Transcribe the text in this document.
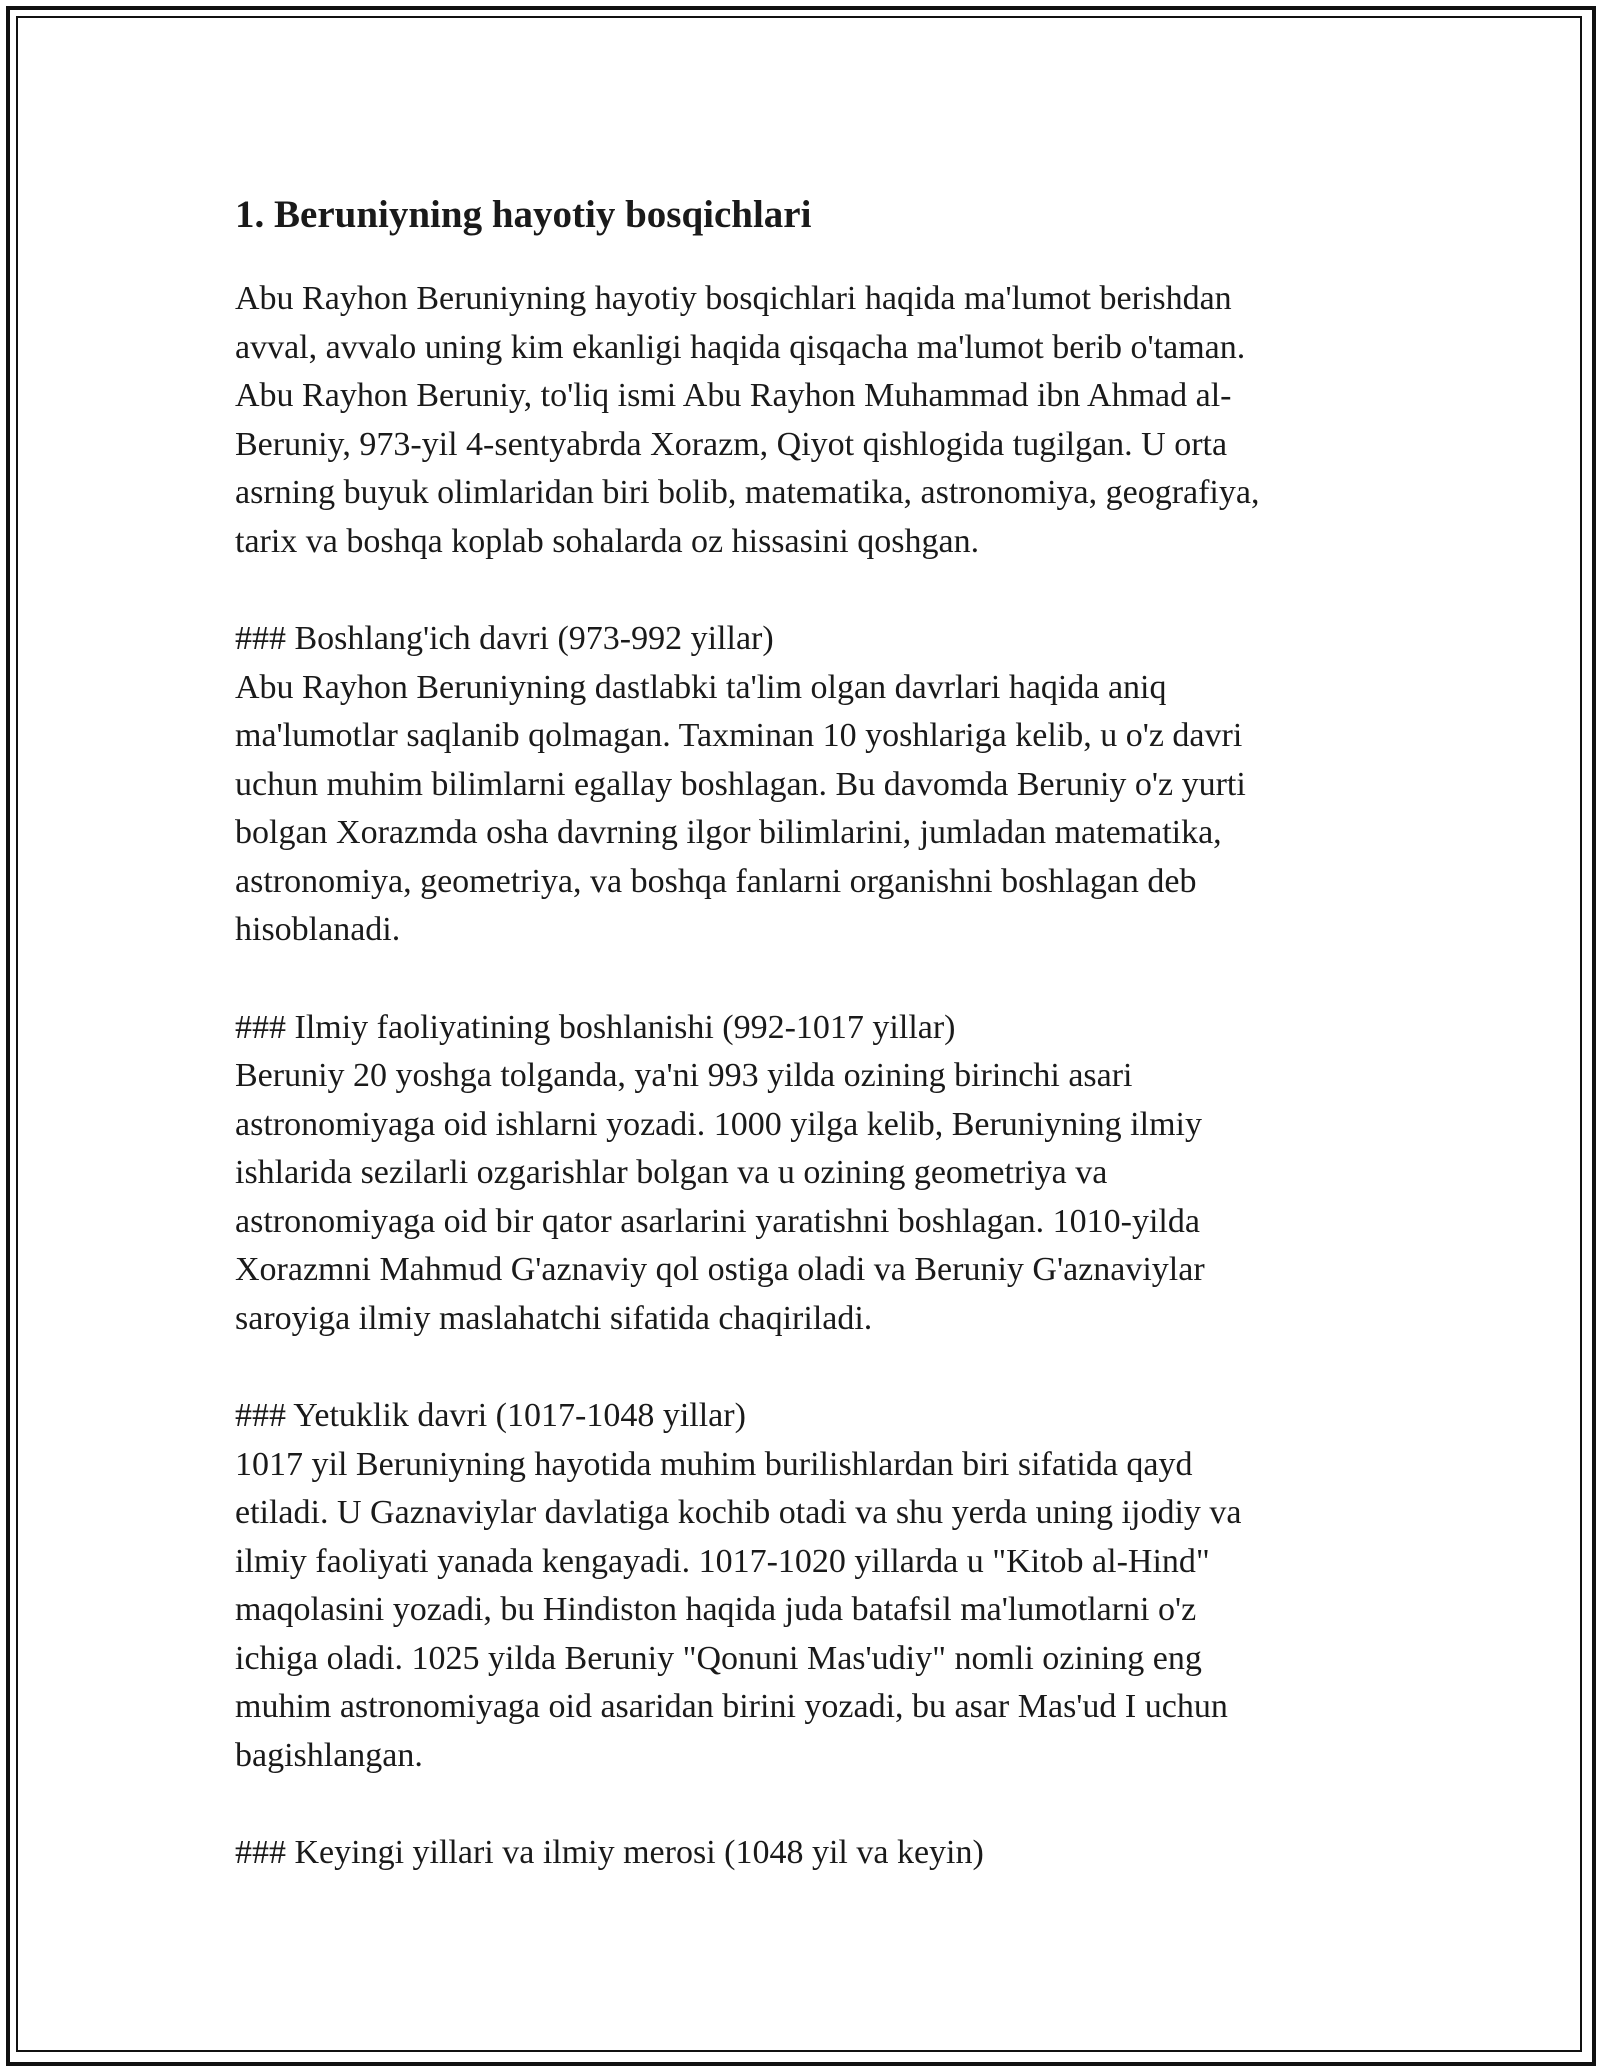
1. Beruniyning hayotiy bosqichlari

Abu Rayhon Beruniyning hayotiy bosqichlari haqida ma'lumot berishdan
avval, avvalo uning kim ekanligi haqida qisqacha ma'lumot berib o'taman.
Abu Rayhon Beruniy, to'liq ismi Abu Rayhon Muhammad ibn Ahmad al-
Beruniy, 973-yil 4-sentyabrda Xorazm, Qiyot qishlogida tugilgan. U orta
asrning buyuk olimlaridan biri bolib, matematika, astronomiya, geografiya,
tarix va boshqa koplab sohalarda oz hissasini qoshgan.

### Boshlang'ich davri (973-992 yillar)
Abu Rayhon Beruniyning dastlabki ta'lim olgan davrlari haqida aniq
ma'lumotlar saqlanib qolmagan. Taxminan 10 yoshlariga kelib, u o'z davri
uchun muhim bilimlarni egallay boshlagan. Bu davomda Beruniy o'z yurti
bolgan Xorazmda osha davrning ilgor bilimlarini, jumladan matematika,
astronomiya, geometriya, va boshqa fanlarni organishni boshlagan deb
hisoblanadi.

### Ilmiy faoliyatining boshlanishi (992-1017 yillar)
Beruniy 20 yoshga tolganda, ya'ni 993 yilda ozining birinchi asari
astronomiyaga oid ishlarni yozadi. 1000 yilga kelib, Beruniyning ilmiy
ishlarida sezilarli ozgarishlar bolgan va u ozining geometriya va
astronomiyaga oid bir qator asarlarini yaratishni boshlagan. 1010-yilda
Xorazmni Mahmud G'aznaviy qol ostiga oladi va Beruniy G'aznaviylar
saroyiga ilmiy maslahatchi sifatida chaqiriladi.

### Yetuklik davri (1017-1048 yillar)
1017 yil Beruniyning hayotida muhim burilishlardan biri sifatida qayd
etiladi. U Gaznaviylar davlatiga kochib otadi va shu yerda uning ijodiy va
ilmiy faoliyati yanada kengayadi. 1017-1020 yillarda u "Kitob al-Hind"
maqolasini yozadi, bu Hindiston haqida juda batafsil ma'lumotlarni o'z
ichiga oladi. 1025 yilda Beruniy "Qonuni Mas'udiy" nomli ozining eng
muhim astronomiyaga oid asaridan birini yozadi, bu asar Mas'ud I uchun
bagishlangan.

### Keyingi yillari va ilmiy merosi (1048 yil va keyin)
